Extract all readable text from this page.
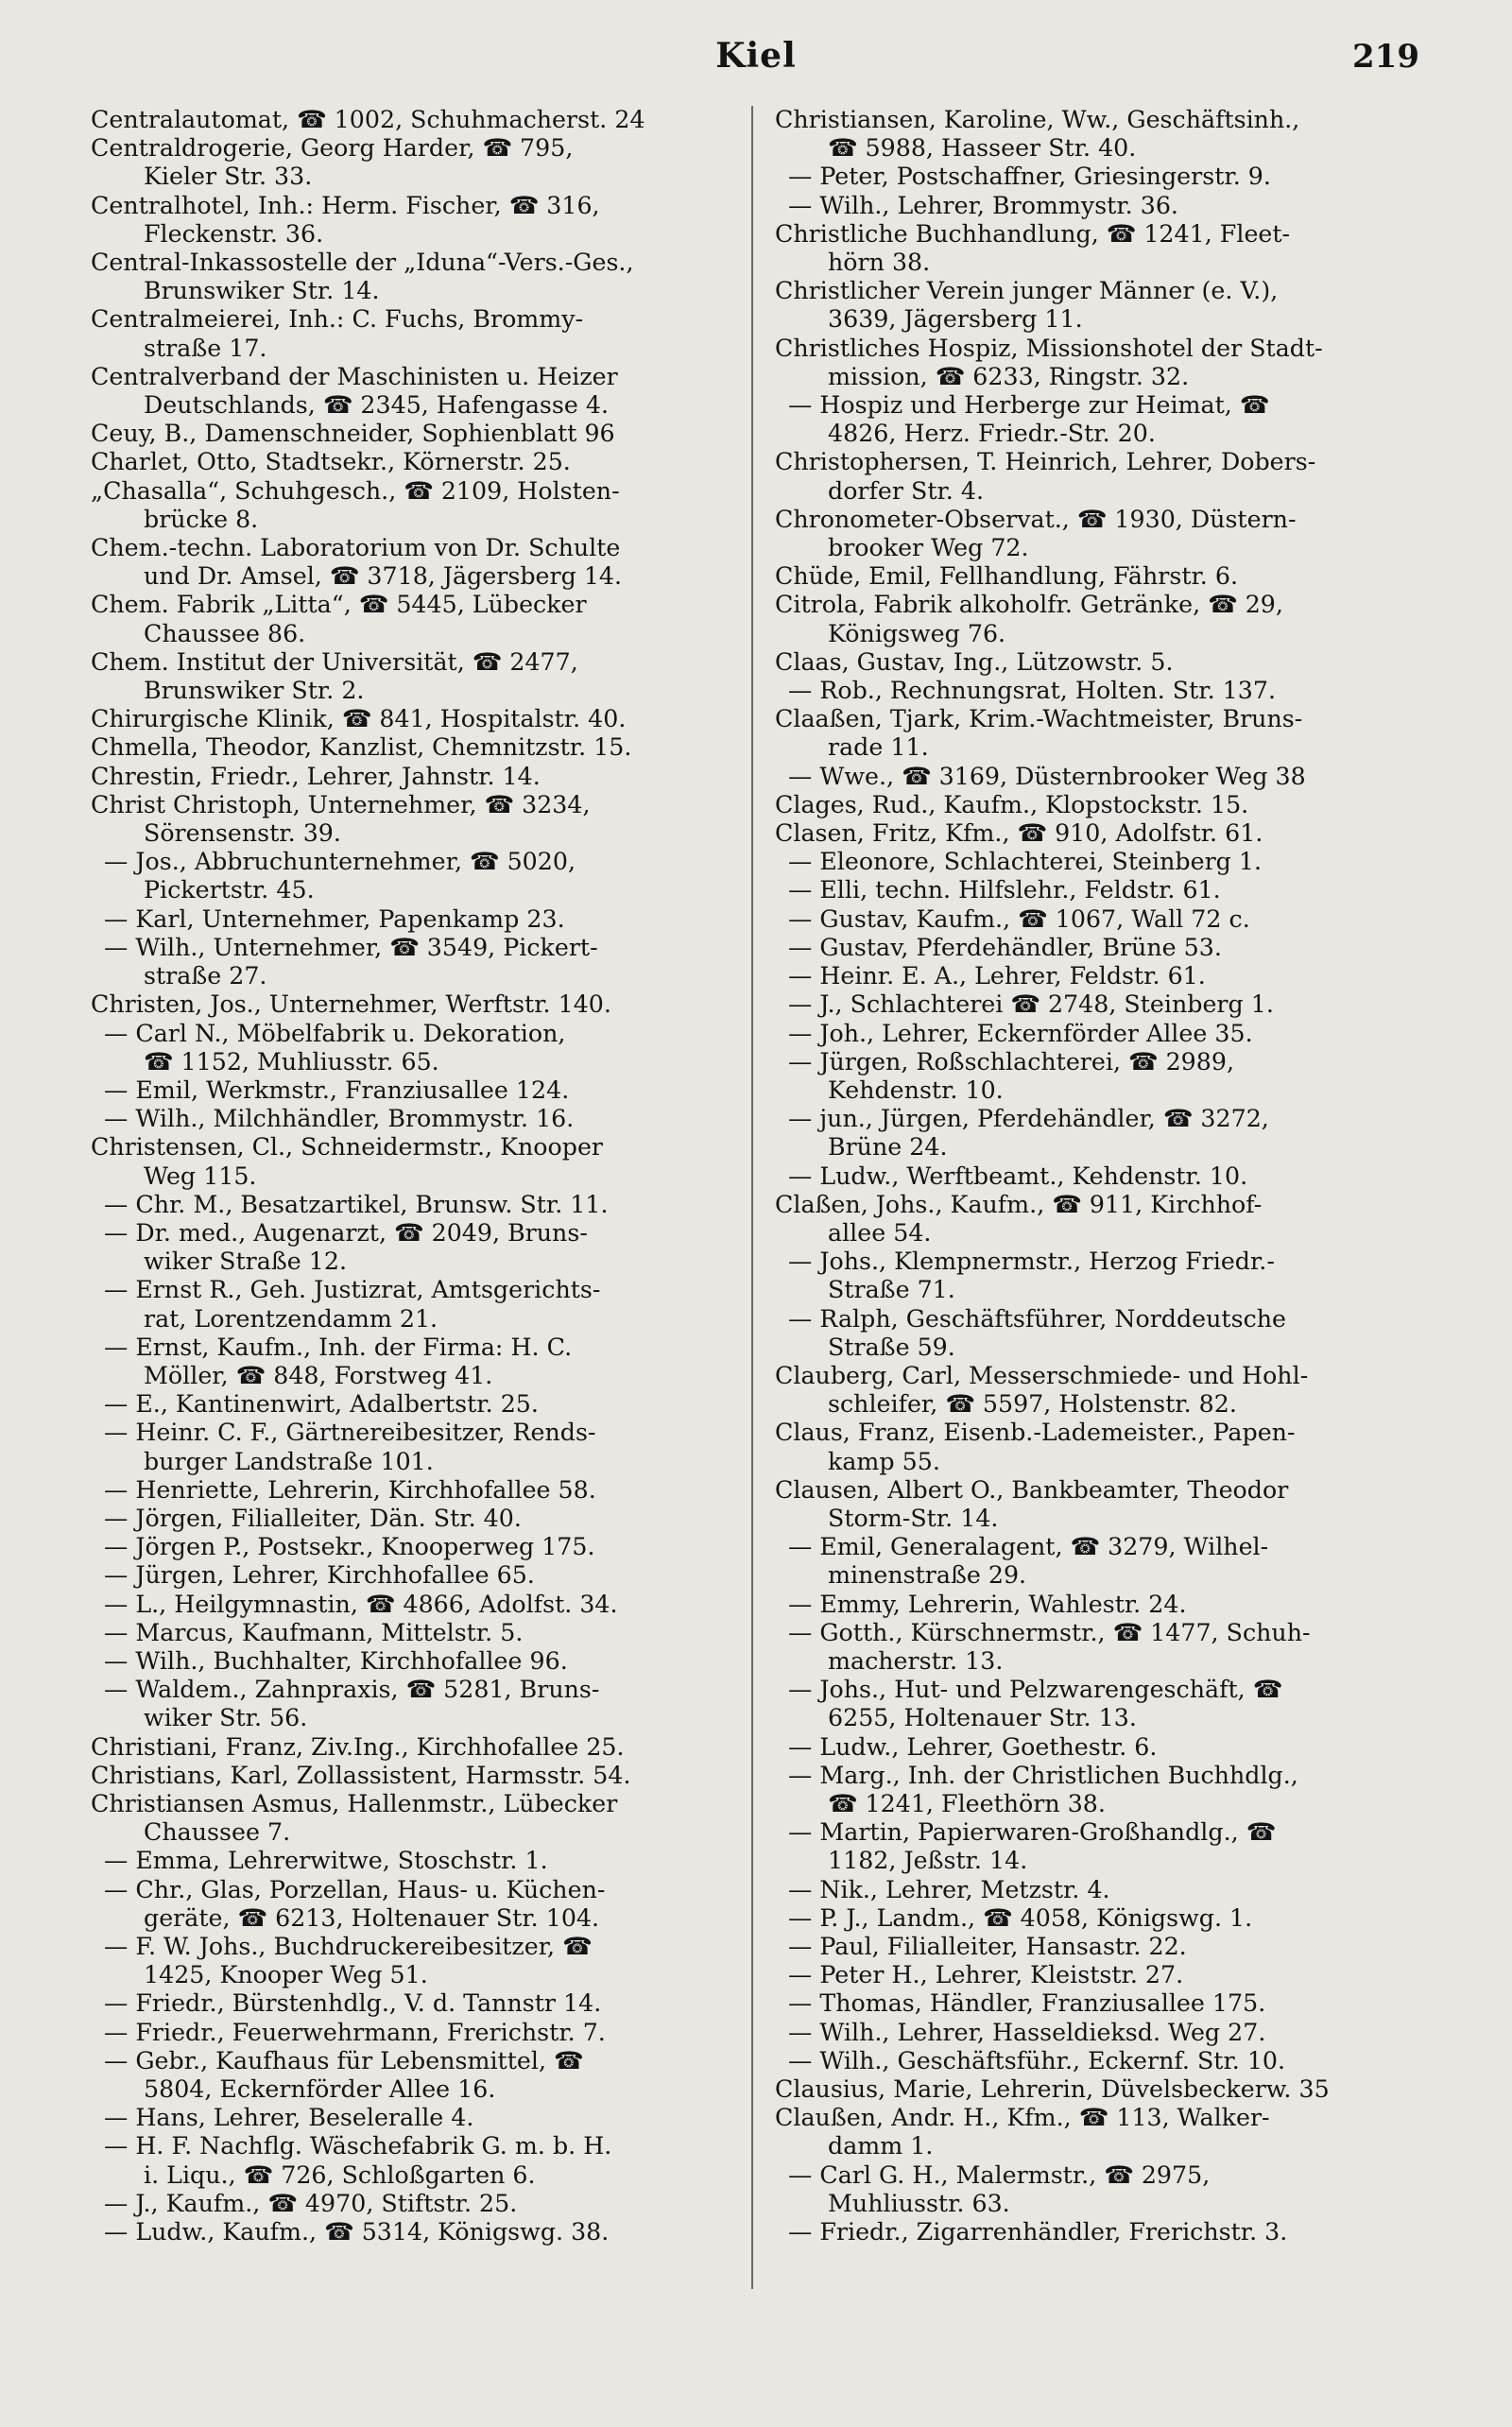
Kiel	219
Centralautomat, ☎ 1002, Schuhmacherst. 24
Centraldrogerie, Georg Harder, ☎ 795,
Kieler Str. 33.
Centralhotel, Inh.: Herm. Fischer, ☎ 316,
Fleckenstr. 36.
Central-Inkassostelle der „Iduna“-Vers.-Ges.,
Brunswiker Str. 14.
Centralmeierei, Inh.: C. Fuchs, Brommy-
straße 17.
Centralverband der Maschinisten u. Heizer
Deutschlands, ☎ 2345, Hafengasse 4.
Ceuy, B., Damenschneider, Sophienblatt 96
Charlet, Otto, Stadtsekr., Körnerstr. 25.
„Chasalla“, Schuhgesch., ☎ 2109, Holsten-
brücke 8.
Chem.-techn. Laboratorium von Dr. Schulte
und Dr. Amsel, ☎ 3718, Jägersberg 14.
Chem. Fabrik „Litta“, ☎ 5445, Lübecker
Chaussee 86.
Chem. Institut der Universität, ☎ 2477,
Brunswiker Str. 2.
Chirurgische Klinik, ☎ 841, Hospitalstr. 40.
Chmella, Theodor, Kanzlist, Chemnitzstr. 15.
Chrestin, Friedr., Lehrer, Jahnstr. 14.
Christ Christoph, Unternehmer, ☎ 3234,
Sörensenstr. 39.
— Jos., Abbruchunternehmer, ☎ 5020,
Pickertstr. 45.
— Karl, Unternehmer, Papenkamp 23.
— Wilh., Unternehmer, ☎ 3549, Pickert-
straße 27.
Christen, Jos., Unternehmer, Werftstr. 140.
— Carl N., Möbelfabrik u. Dekoration,
☎ 1152, Muhliusstr. 65.
— Emil, Werkmstr., Franziusallee 124.
— Wilh., Milchhändler, Brommystr. 16.
Christensen, Cl., Schneidermstr., Knooper
Weg 115.
— Chr. M., Besatzartikel, Brunsw. Str. 11.
— Dr. med., Augenarzt, ☎ 2049, Bruns-
wiker Straße 12.
— Ernst R., Geh. Justizrat, Amtsgerichts-
rat, Lorentzendamm 21.
— Ernst, Kaufm., Inh. der Firma: H. C.
Möller, ☎ 848, Forstweg 41.
— E., Kantinenwirt, Adalbertstr. 25.
— Heinr. C. F., Gärtnereibesitzer, Rends-
burger Landstraße 101.
— Henriette, Lehrerin, Kirchhofallee 58.
— Jörgen, Filialleiter, Dän. Str. 40.
— Jörgen P., Postsekr., Knooperweg 175.
— Jürgen, Lehrer, Kirchhofallee 65.
— L., Heilgymnastin, ☎ 4866, Adolfst. 34.
— Marcus, Kaufmann, Mittelstr. 5.
— Wilh., Buchhalter, Kirchhofallee 96.
— Waldem., Zahnpraxis, ☎ 5281, Bruns-
wiker Str. 56.
Christiani, Franz, Ziv.Ing., Kirchhofallee 25.
Christians, Karl, Zollassistent, Harmsstr. 54.
Christiansen Asmus, Hallenmstr., Lübecker
Chaussee 7.
— Emma, Lehrerwitwe, Stoschstr. 1.
— Chr., Glas, Porzellan, Haus- u. Küchen-
geräte, ☎ 6213, Holtenauer Str. 104.
— F. W. Johs., Buchdruckereibesitzer, ☎
1425, Knooper Weg 51.
— Friedr., Bürstenhdlg., V. d. Tannstr 14.
— Friedr., Feuerwehrmann, Frerichstr. 7.
— Gebr., Kaufhaus für Lebensmittel, ☎
5804, Eckernförder Allee 16.
— Hans, Lehrer, Beseleralle 4.
— H. F. Nachflg. Wäschefabrik G. m. b. H.
i. Liqu., ☎ 726, Schloßgarten 6.
— J., Kaufm., ☎ 4970, Stiftstr. 25.
— Ludw., Kaufm., ☎ 5314, Königswg. 38.
Christiansen, Karoline, Ww., Geschäftsinh.,
☎ 5988, Hasseer Str. 40.
— Peter, Postschaffner, Griesingerstr. 9.
— Wilh., Lehrer, Brommystr. 36.
Christliche Buchhandlung, ☎ 1241, Fleet-
hörn 38.
Christlicher Verein junger Männer (e. V.),
3639, Jägersberg 11.
Christliches Hospiz, Missionshotel der Stadt-
mission, ☎ 6233, Ringstr. 32.
— Hospiz und Herberge zur Heimat, ☎
4826, Herz. Friedr.-Str. 20.
Christophersen, T. Heinrich, Lehrer, Dobers-
dorfer Str. 4.
Chronometer-Observat., ☎ 1930, Düstern-
brooker Weg 72.
Chüde, Emil, Fellhandlung, Fährstr. 6.
Citrola, Fabrik alkoholfr. Getränke, ☎ 29,
Königsweg 76.
Claas, Gustav, Ing., Lützowstr. 5.
— Rob., Rechnungsrat, Holten. Str. 137.
Claaßen, Tjark, Krim.-Wachtmeister, Bruns-
rade 11.
— Wwe., ☎ 3169, Düsternbrooker Weg 38
Clages, Rud., Kaufm., Klopstockstr. 15.
Clasen, Fritz, Kfm., ☎ 910, Adolfstr. 61.
— Eleonore, Schlachterei, Steinberg 1.
— Elli, techn. Hilfslehr., Feldstr. 61.
— Gustav, Kaufm., ☎ 1067, Wall 72 c.
— Gustav, Pferdehändler, Brüne 53.
— Heinr. E. A., Lehrer, Feldstr. 61.
— J., Schlachterei ☎ 2748, Steinberg 1.
— Joh., Lehrer, Eckernförder Allee 35.
— Jürgen, Roßschlachterei, ☎ 2989,
Kehdenstr. 10.
— jun., Jürgen, Pferdehändler, ☎ 3272,
Brüne 24.
— Ludw., Werftbeamt., Kehdenstr. 10.
Claßen, Johs., Kaufm., ☎ 911, Kirchhof-
allee 54.
— Johs., Klempnermstr., Herzog Friedr.-
Straße 71.
— Ralph, Geschäftsführer, Norddeutsche
Straße 59.
Clauberg, Carl, Messerschmiede- und Hohl-
schleifer, ☎ 5597, Holstenstr. 82.
Claus, Franz, Eisenb.-Lademeister., Papen-
kamp 55.
Clausen, Albert O., Bankbeamter, Theodor
Storm-Str. 14.
— Emil, Generalagent, ☎ 3279, Wilhel-
minenstraße 29.
— Emmy, Lehrerin, Wahlestr. 24.
— Gotth., Kürschnermstr., ☎ 1477, Schuh-
macherstr. 13.
— Johs., Hut- und Pelzwarengeschäft, ☎
6255, Holtenauer Str. 13.
— Ludw., Lehrer, Goethestr. 6.
— Marg., Inh. der Christlichen Buchhdlg.,
☎ 1241, Fleethörn 38.
— Martin, Papierwaren-Großhandlg., ☎
1182, Jeßstr. 14.
— Nik., Lehrer, Metzstr. 4.
— P. J., Landm., ☎ 4058, Königswg. 1.
— Paul, Filialleiter, Hansastr. 22.
— Peter H., Lehrer, Kleiststr. 27.
— Thomas, Händler, Franziusallee 175.
— Wilh., Lehrer, Hasseldieksd. Weg 27.
— Wilh., Geschäftsführ., Eckernf. Str. 10.
Clausius, Marie, Lehrerin, Düvelsbeckerw. 35
Claußen, Andr. H., Kfm., ☎ 113, Walker-
damm 1.
— Carl G. H., Malermstr., ☎ 2975,
Muhliusstr. 63.
— Friedr., Zigarrenhändler, Frerichstr. 3.
